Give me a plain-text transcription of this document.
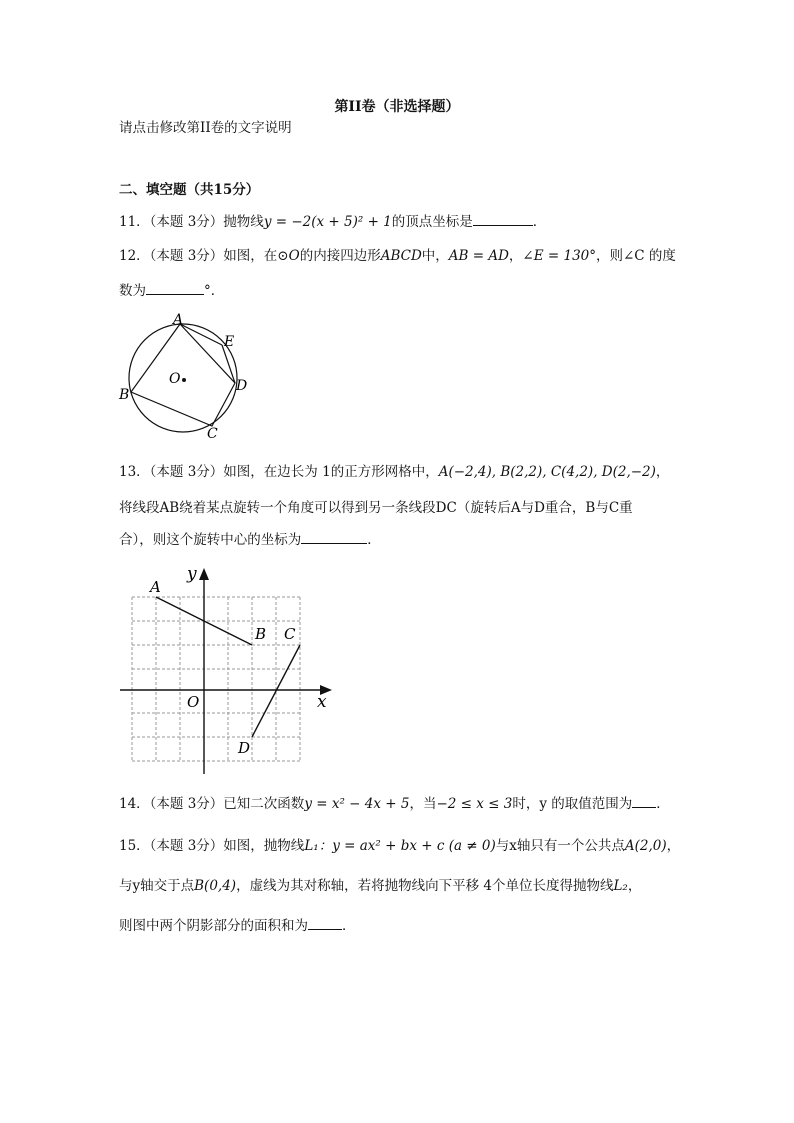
第II卷（非选择题）
请点击修改第II卷的文字说明
二、填空题（共15分）
11．（本题 3分）抛物线y = −2(x + 5)² + 1的顶点坐标是	．
12．（本题 3分）如图，在⊙O的内接四边形ABCD中，AB = AD，∠E = 130°，则∠C 的度
数为	°．
A
E
D
C
B
O
13．（本题 3分）如图，在边长为 1的正方形网格中，A(−2,4), B(2,2), C(4,2), D(2,−2)，
将线段AB绕着某点旋转一个角度可以得到另一条线段DC（旋转后A与D重合，B与C重
合），则这个旋转中心的坐标为	．
A
B C
D
O	x
y
14．（本题 3分）已知二次函数y = x² − 4x + 5，当−2 ≤ x ≤ 3时，y 的取值范围为 ．
15．（本题 3分）如图，抛物线L₁：y = ax² + bx + c (a ≠ 0)与x轴只有一个公共点A(2,0)，
与y轴交于点B(0,4)，虚线为其对称轴，若将抛物线向下平移 4个单位长度得抛物线L₂，
则图中两个阴影部分的面积和为	．
